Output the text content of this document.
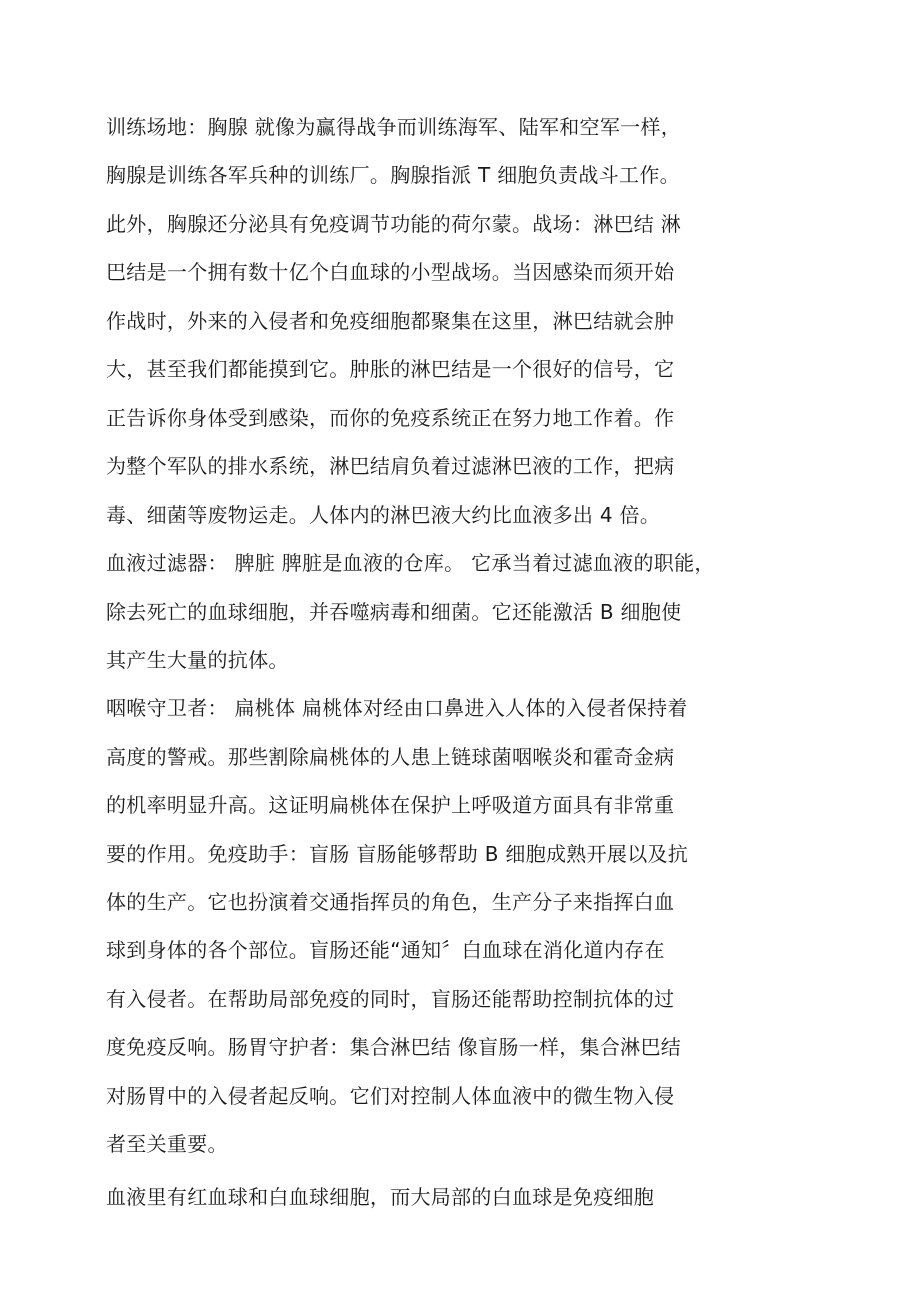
训练场地：胸腺 就像为赢得战争而训练海军、陆军和空军一样，
胸腺是训练各军兵种的训练厂。胸腺指派 T 细胞负责战斗工作。
此外，胸腺还分泌具有免疫调节功能的荷尔蒙。战场：淋巴结 淋
巴结是一个拥有数十亿个白血球的小型战场。当因感染而须开始
作战时，外来的入侵者和免疫细胞都聚集在这里，淋巴结就会肿
大，甚至我们都能摸到它。肿胀的淋巴结是一个很好的信号，它
正告诉你身体受到感染，而你的免疫系统正在努力地工作着。作
为整个军队的排水系统，淋巴结肩负着过滤淋巴液的工作，把病
毒、细菌等废物运走。人体内的淋巴液大约比血液多出 4 倍。
血液过滤器： 脾脏 脾脏是血液的仓库。 它承当着过滤血液的职能，
除去死亡的血球细胞，并吞噬病毒和细菌。它还能激活 B 细胞使
其产生大量的抗体。
咽喉守卫者： 扁桃体 扁桃体对经由口鼻进入人体的入侵者保持着
高度的警戒。那些割除扁桃体的人患上链球菌咽喉炎和霍奇金病
的机率明显升高。这证明扁桃体在保护上呼吸道方面具有非常重
要的作用。免疫助手：盲肠 盲肠能够帮助 B 细胞成熟开展以及抗
体的生产。它也扮演着交通指挥员的角色，生产分子来指挥白血
球到身体的各个部位。盲肠还能“通知〞白血球在消化道内存在
有入侵者。在帮助局部免疫的同时，盲肠还能帮助控制抗体的过
度免疫反响。肠胃守护者：集合淋巴结 像盲肠一样，集合淋巴结
对肠胃中的入侵者起反响。它们对控制人体血液中的微生物入侵
者至关重要。
血液里有红血球和白血球细胞，而大局部的白血球是免疫细胞
